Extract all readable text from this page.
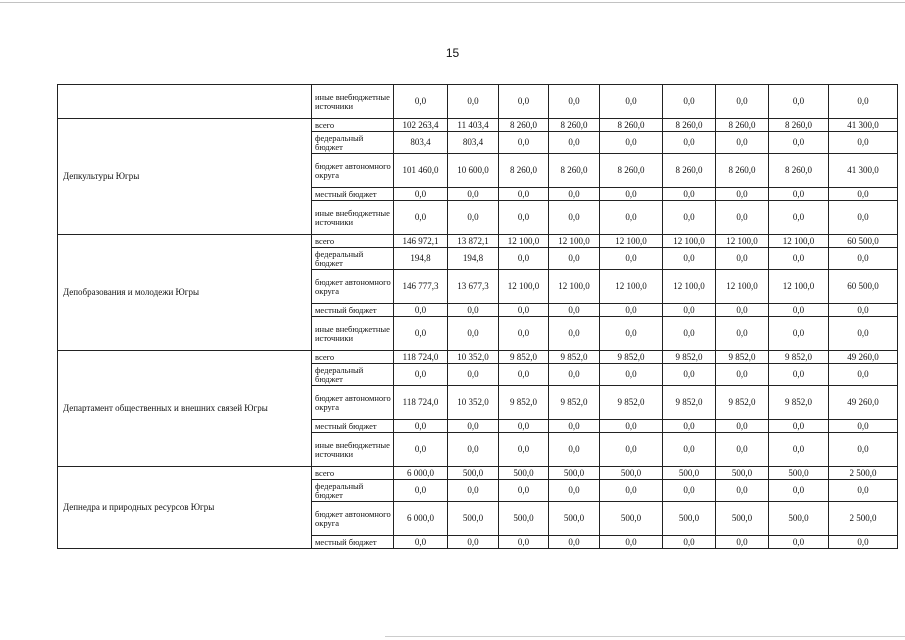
15
	иные внебюджетные источники	0,0	0,0	0,0	0,0	0,0	0,0	0,0	0,0	0,0
Депкультуры Югры	всего	102 263,4	11 403,4	8 260,0	8 260,0	8 260,0	8 260,0	8 260,0	8 260,0	41 300,0
	федеральный бюджет	803,4	803,4	0,0	0,0	0,0	0,0	0,0	0,0	0,0
	бюджет автономного округа	101 460,0	10 600,0	8 260,0	8 260,0	8 260,0	8 260,0	8 260,0	8 260,0	41 300,0
	местный бюджет	0,0	0,0	0,0	0,0	0,0	0,0	0,0	0,0	0,0
	иные внебюджетные источники	0,0	0,0	0,0	0,0	0,0	0,0	0,0	0,0	0,0
Депобразования и молодежи Югры	всего	146 972,1	13 872,1	12 100,0	12 100,0	12 100,0	12 100,0	12 100,0	12 100,0	60 500,0
	федеральный бюджет	194,8	194,8	0,0	0,0	0,0	0,0	0,0	0,0	0,0
	бюджет автономного округа	146 777,3	13 677,3	12 100,0	12 100,0	12 100,0	12 100,0	12 100,0	12 100,0	60 500,0
	местный бюджет	0,0	0,0	0,0	0,0	0,0	0,0	0,0	0,0	0,0
	иные внебюджетные источники	0,0	0,0	0,0	0,0	0,0	0,0	0,0	0,0	0,0
Департамент общественных и внешних связей Югры	всего	118 724,0	10 352,0	9 852,0	9 852,0	9 852,0	9 852,0	9 852,0	9 852,0	49 260,0
	федеральный бюджет	0,0	0,0	0,0	0,0	0,0	0,0	0,0	0,0	0,0
	бюджет автономного округа	118 724,0	10 352,0	9 852,0	9 852,0	9 852,0	9 852,0	9 852,0	9 852,0	49 260,0
	местный бюджет	0,0	0,0	0,0	0,0	0,0	0,0	0,0	0,0	0,0
	иные внебюджетные источники	0,0	0,0	0,0	0,0	0,0	0,0	0,0	0,0	0,0
Депнедра и природных ресурсов Югры	всего	6 000,0	500,0	500,0	500,0	500,0	500,0	500,0	500,0	2 500,0
	федеральный бюджет	0,0	0,0	0,0	0,0	0,0	0,0	0,0	0,0	0,0
	бюджет автономного округа	6 000,0	500,0	500,0	500,0	500,0	500,0	500,0	500,0	2 500,0
	местный бюджет	0,0	0,0	0,0	0,0	0,0	0,0	0,0	0,0	0,0
